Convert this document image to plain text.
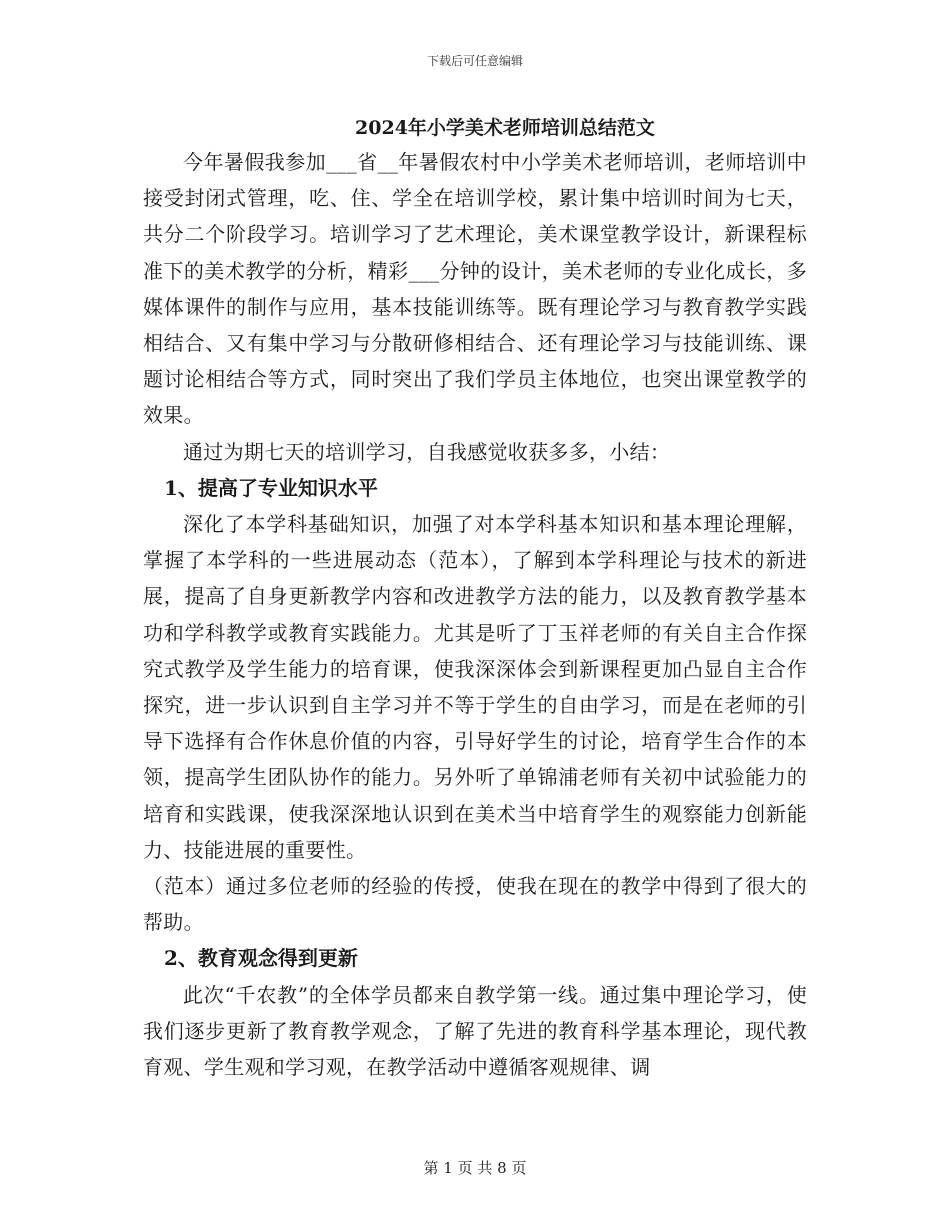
下载后可任意编辑
2024年小学美术老师培训总结范文

今年暑假我参加___省__年暑假农村中小学美术老师培训，老师培训中接受封闭式管理，吃、住、学全在培训学校，累计集中培训时间为七天，共分二个阶段学习。培训学习了艺术理论，美术课堂教学设计，新课程标准下的美术教学的分析，精彩___分钟的设计，美术老师的专业化成长，多媒体课件的制作与应用，基本技能训练等。既有理论学习与教育教学实践相结合、又有集中学习与分散研修相结合、还有理论学习与技能训练、课题讨论相结合等方式，同时突出了我们学员主体地位，也突出课堂教学的效果。

通过为期七天的培训学习，自我感觉收获多多，小结：

1、提高了专业知识水平

深化了本学科基础知识，加强了对本学科基本知识和基本理论理解，掌握了本学科的一些进展动态（范本），了解到本学科理论与技术的新进展，提高了自身更新教学内容和改进教学方法的能力，以及教育教学基本功和学科教学或教育实践能力。尤其是听了丁玉祥老师的有关自主合作探究式教学及学生能力的培育课，使我深深体会到新课程更加凸显自主合作探究，进一步认识到自主学习并不等于学生的自由学习，而是在老师的引导下选择有合作休息价值的内容，引导好学生的讨论，培育学生合作的本领，提高学生团队协作的能力。另外听了单锦浦老师有关初中试验能力的培育和实践课，使我深深地认识到在美术当中培育学生的观察能力创新能力、技能进展的重要性。

（范本）通过多位老师的经验的传授，使我在现在的教学中得到了很大的帮助。

2、教育观念得到更新

此次“千农教”的全体学员都来自教学第一线。通过集中理论学习，使我们逐步更新了教育教学观念，了解了先进的教育科学基本理论，现代教育观、学生观和学习观，在教学活动中遵循客观规律、调

第 1 页 共 8 页
